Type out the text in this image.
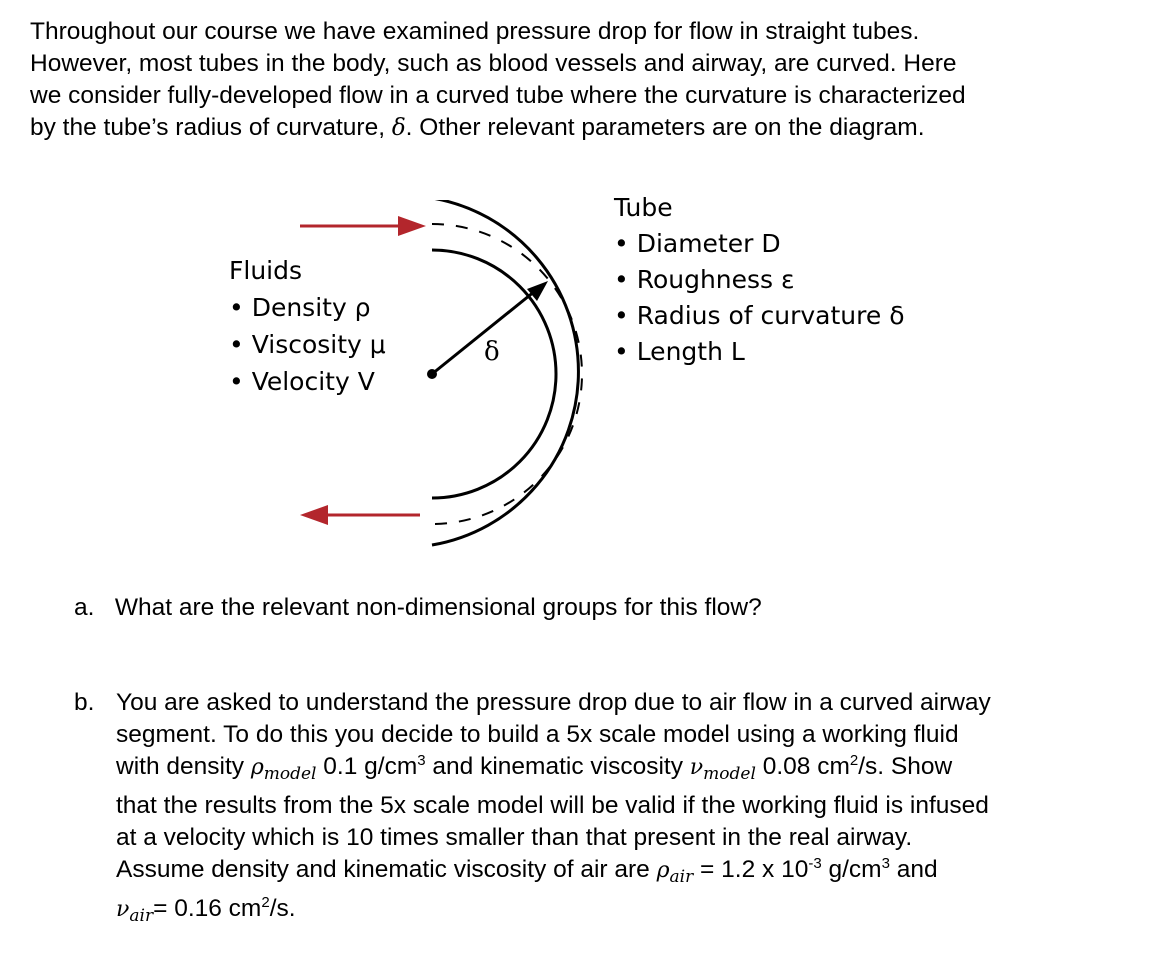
Throughout our course we have examined pressure drop for flow in straight tubes.
However, most tubes in the body, such as blood vessels and airway, are curved. Here
we consider fully-developed flow in a curved tube where the curvature is characterized
by the tube’s radius of curvature, δ. Other relevant parameters are on the diagram.
Fluids
• Density ρ
• Viscosity μ
• Velocity V
δ
Tube
• Diameter D
• Roughness ε
• Radius of curvature δ
• Length L
a. What are the relevant non-dimensional groups for this flow?
b. You are asked to understand the pressure drop due to air flow in a curved airway
segment. To do this you decide to build a 5x scale model using a working fluid
with density $\rho_{model}$ 0.1 $g/cm^3$ and kinematic viscosity $\nu_{model}$ 0.08 $cm^2/s$. Show
that the results from the 5x scale model will be valid if the working fluid is infused
at a velocity which is 10 times smaller than that present in the real airway.
Assume density and kinematic viscosity of air are $\rho_{air} = 1.2$ x $10^{-3}$ $g/cm^3$ and
$\nu_{air}= 0.16$ $cm^2/s$.
